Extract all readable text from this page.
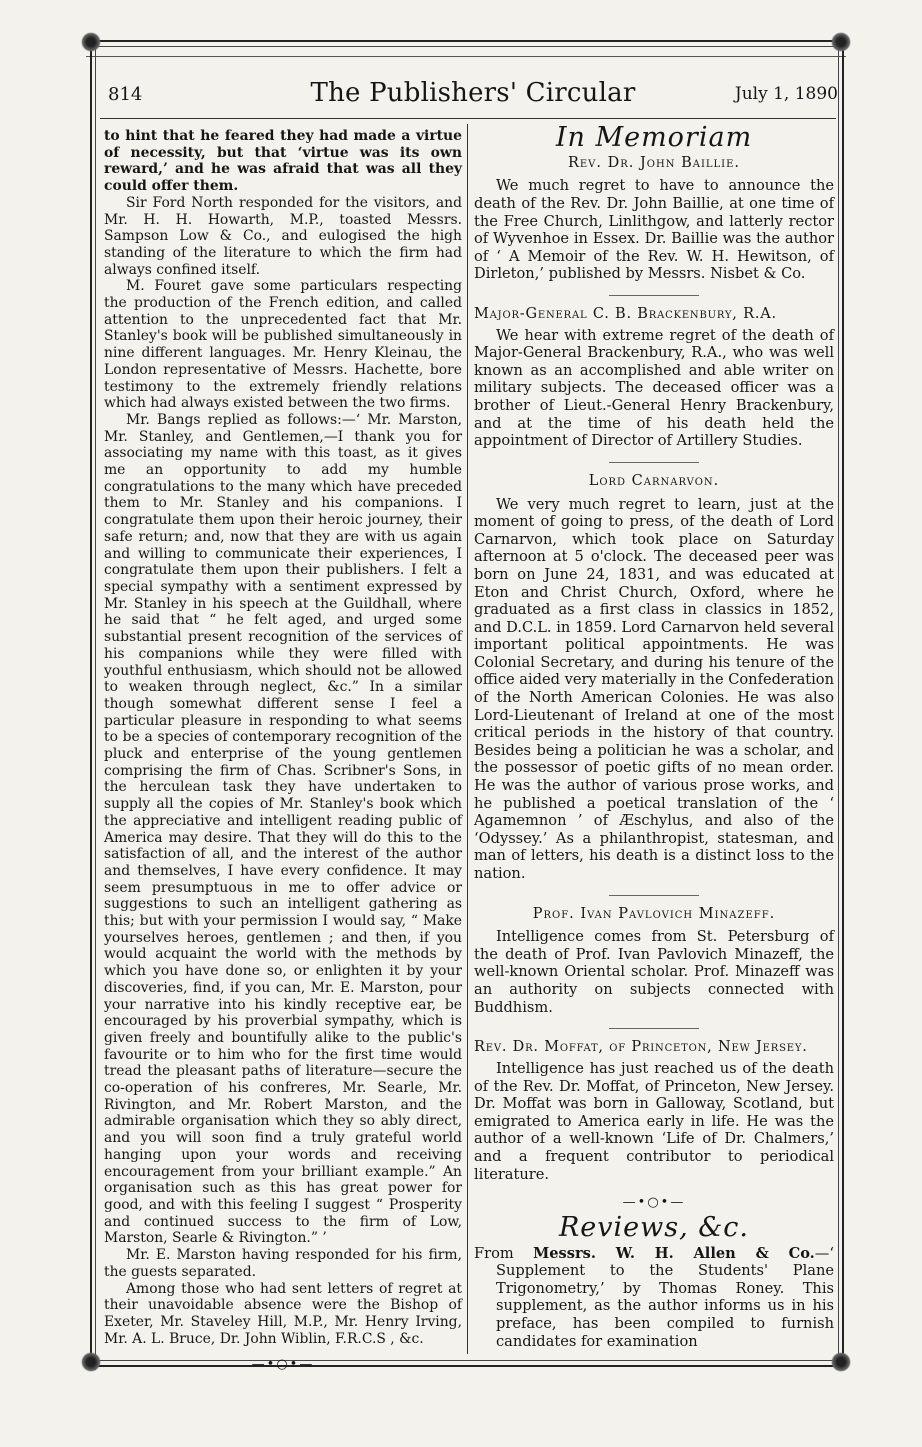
814	The Publishers' Circular	July 1, 1890

to hint that he feared they had made a virtue of necessity, but that ‘virtue was its own reward,’ and he was afraid that was all they could offer them.

Sir Ford North responded for the visitors, and Mr. H. H. Howarth, M.P., toasted Messrs. Sampson Low & Co., and eulogised the high standing of the literature to which the firm had always confined itself.

M. Fouret gave some particulars respecting the production of the French edition, and called attention to the unprecedented fact that Mr. Stanley's book will be published simultaneously in nine different languages. Mr. Henry Kleinau, the London representative of Messrs. Hachette, bore testimony to the extremely friendly relations which had always existed between the two firms.

Mr. Bangs replied as follows:—‘ Mr. Marston, Mr. Stanley, and Gentlemen,—I thank you for associating my name with this toast, as it gives me an opportunity to add my humble congratulations to the many which have preceded them to Mr. Stanley and his companions. I congratulate them upon their heroic journey, their safe return; and, now that they are with us again and willing to communicate their experiences, I congratulate them upon their publishers. I felt a special sympathy with a sentiment expressed by Mr. Stanley in his speech at the Guildhall, where he said that “ he felt aged, and urged some substantial present recognition of the services of his companions while they were filled with youthful enthusiasm, which should not be allowed to weaken through neglect, &c.” In a similar though somewhat different sense I feel a particular pleasure in responding to what seems to be a species of contemporary recognition of the pluck and enterprise of the young gentlemen comprising the firm of Chas. Scribner's Sons, in the herculean task they have undertaken to supply all the copies of Mr. Stanley's book which the appreciative and intelligent reading public of America may desire. That they will do this to the satisfaction of all, and the interest of the author and themselves, I have every confidence. It may seem presumptuous in me to offer advice or suggestions to such an intelligent gathering as this; but with your permission I would say, “ Make yourselves heroes, gentlemen ; and then, if you would acquaint the world with the methods by which you have done so, or enlighten it by your discoveries, find, if you can, Mr. E. Marston, pour your narrative into his kindly receptive ear, be encouraged by his proverbial sympathy, which is given freely and bountifully alike to the public's favourite or to him who for the first time would tread the pleasant paths of literature—secure the co-operation of his confreres, Mr. Searle, Mr. Rivington, and Mr. Robert Marston, and the admirable organisation which they so ably direct, and you will soon find a truly grateful world hanging upon your words and receiving encouragement from your brilliant example.” An organisation such as this has great power for good, and with this feeling I suggest “ Prosperity and continued success to the firm of Low, Marston, Searle & Rivington.” ’

Mr. E. Marston having responded for his firm, the guests separated.

Among those who had sent letters of regret at their unavoidable absence were the Bishop of Exeter, Mr. Staveley Hill, M.P., Mr. Henry Irving, Mr. A. L. Bruce, Dr. John Wiblin, F.R.C.S , &c.

—•○•—
In Memoriam
Rev. Dr. John Baillie.

We much regret to have to announce the death of the Rev. Dr. John Baillie, at one time of the Free Church, Linlithgow, and latterly rector of Wyvenhoe in Essex. Dr. Baillie was the author of ‘ A Memoir of the Rev. W. H. Hewitson, of Dirleton,’ published by Messrs. Nisbet & Co.

Major-General C. B. Brackenbury, R.A.

We hear with extreme regret of the death of Major-General Brackenbury, R.A., who was well known as an accomplished and able writer on military subjects. The deceased officer was a brother of Lieut.-General Henry Brackenbury, and at the time of his death held the appointment of Director of Artillery Studies.

Lord Carnarvon.

We very much regret to learn, just at the moment of going to press, of the death of Lord Carnarvon, which took place on Saturday afternoon at 5 o'clock. The deceased peer was born on June 24, 1831, and was educated at Eton and Christ Church, Oxford, where he graduated as a first class in classics in 1852, and D.C.L. in 1859. Lord Carnarvon held several important political appointments. He was Colonial Secretary, and during his tenure of the office aided very materially in the Confederation of the North American Colonies. He was also Lord-Lieutenant of Ireland at one of the most critical periods in the history of that country. Besides being a politician he was a scholar, and the possessor of poetic gifts of no mean order. He was the author of various prose works, and he published a poetical translation of the ‘ Agamemnon ’ of Æschylus, and also of the ‘Odyssey.’ As a philanthropist, statesman, and man of letters, his death is a distinct loss to the nation.

Prof. Ivan Pavlovich Minazeff.

Intelligence comes from St. Petersburg of the death of Prof. Ivan Pavlovich Minazeff, the well-known Oriental scholar. Prof. Minazeff was an authority on subjects connected with Buddhism.

Rev. Dr. Moffat, of Princeton, New Jersey.

Intelligence has just reached us of the death of the Rev. Dr. Moffat, of Princeton, New Jersey. Dr. Moffat was born in Galloway, Scotland, but emigrated to America early in life. He was the author of a well-known ‘Life of Dr. Chalmers,’ and a frequent contributor to periodical literature.

—•○•—
Reviews, &c.

From Messrs. W. H. Allen & Co.—‘ Supplement to the Students' Plane Trigonometry,’ by Thomas Roney. This supplement, as the author informs us in his preface, has been compiled to furnish candidates for examination
